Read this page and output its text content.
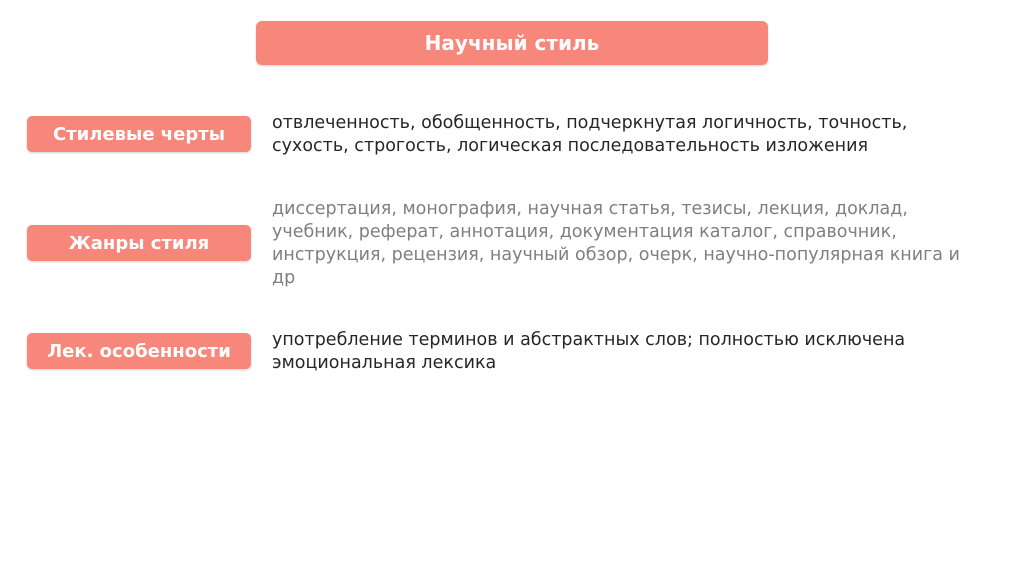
Научный стиль
Стилевые черты

отвлеченность, обобщенность, подчеркнутая логичность, точность, сухость, строгость, логическая последовательность изложения

Жанры стиля

диссертация, монография, научная статья, тезисы, лекция, доклад, учебник, реферат, аннотация, документация каталог, справочник, инструкция, рецензия, научный обзор, очерк, научно-популярная книга и др

Лек. особенности

употребление терминов и абстрактных слов; полностью исключена эмоциональная лексика
